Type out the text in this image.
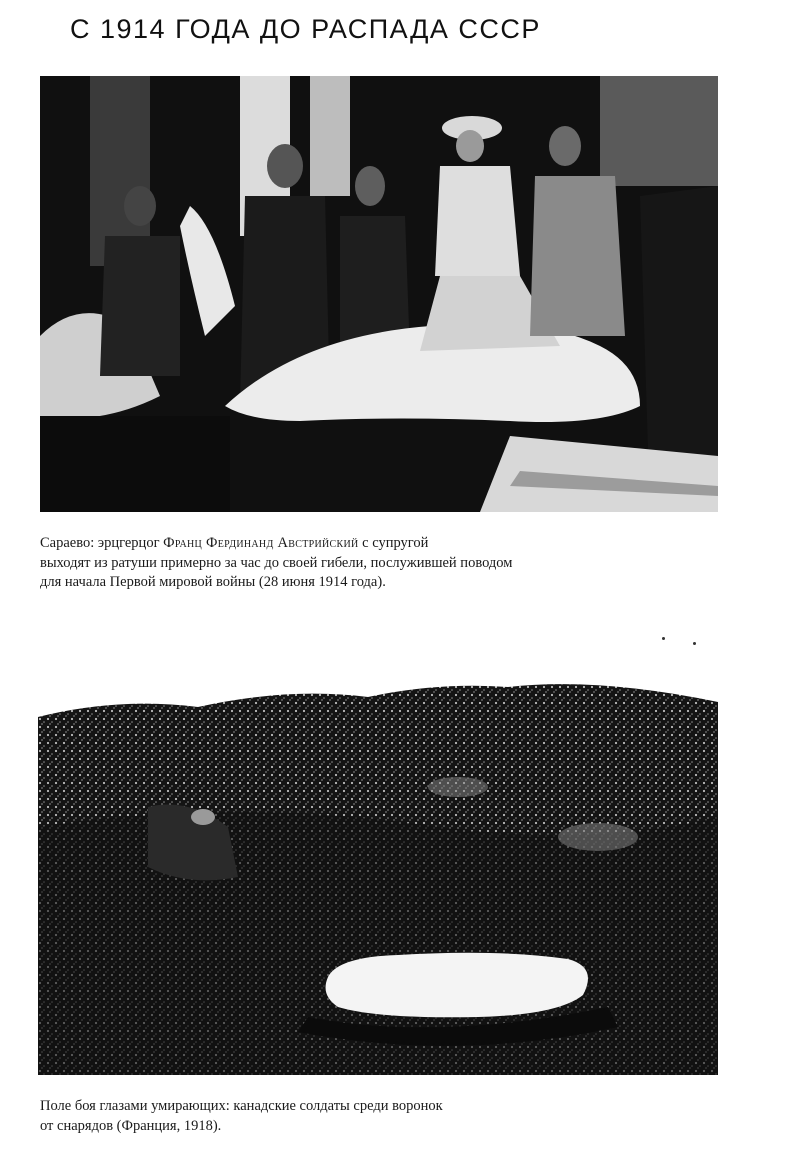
С 1914 ГОДА ДО РАСПАДА СССР

Сараево: эрцгерцог Франц Фердинанд Австрийский с супругой
выходят из ратуши примерно за час до своей гибели, послужившей поводом
для начала Первой мировой войны (28 июня 1914 года).

Поле боя глазами умирающих: канадские солдаты среди воронок
от снарядов (Франция, 1918).
